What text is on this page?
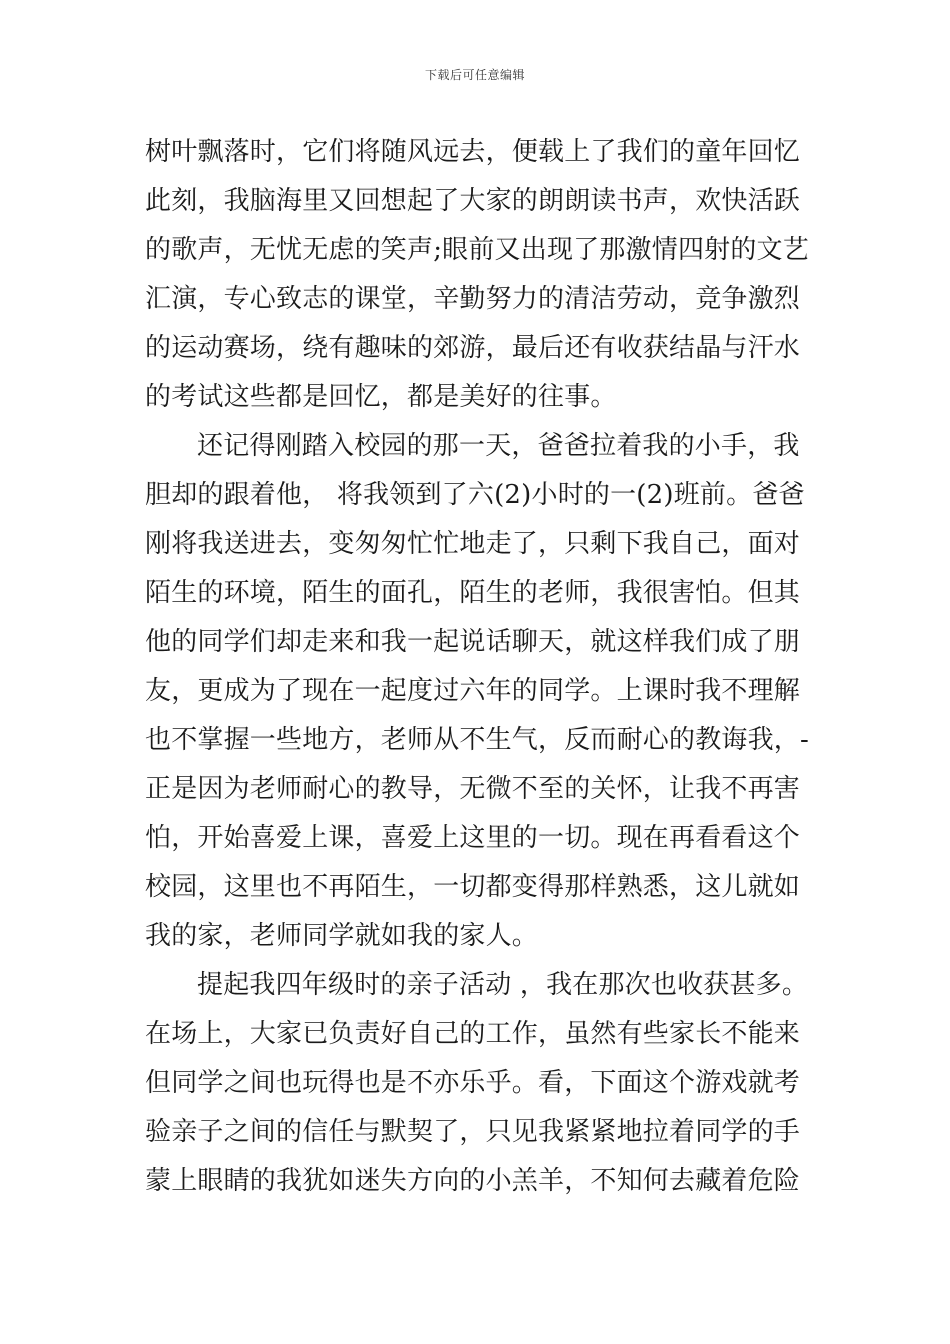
下载后可任意编辑
树叶飘落时，它们将随风远去，便载上了我们的童年回忆
此刻，我脑海里又回想起了大家的朗朗读书声，欢快活跃
的歌声，无忧无虑的笑声;眼前又出现了那激情四射的文艺
汇演，专心致志的课堂，辛勤努力的清洁劳动，竞争激烈
的运动赛场，绕有趣味的郊游，最后还有收获结晶与汗水
的考试这些都是回忆，都是美好的往事。
还记得刚踏入校园的那一天，爸爸拉着我的小手，我
胆却的跟着他， 将我领到了六(2)小时的一(2)班前。爸爸
刚将我送进去，变匆匆忙忙地走了，只剩下我自己，面对
陌生的环境，陌生的面孔，陌生的老师，我很害怕。但其
他的同学们却走来和我一起说话聊天，就这样我们成了朋
友，更成为了现在一起度过六年的同学。上课时我不理解
也不掌握一些地方，老师从不生气，反而耐心的教诲我，-
正是因为老师耐心的教导，无微不至的关怀，让我不再害
怕，开始喜爱上课，喜爱上这里的一切。现在再看看这个
校园，这里也不再陌生，一切都变得那样熟悉，这儿就如
我的家，老师同学就如我的家人。
提起我四年级时的亲子活动 ，我在那次也收获甚多。
在场上，大家已负责好自己的工作，虽然有些家长不能来
但同学之间也玩得也是不亦乐乎。看，下面这个游戏就考
验亲子之间的信任与默契了，只见我紧紧地拉着同学的手
蒙上眼睛的我犹如迷失方向的小羔羊，不知何去藏着危险
